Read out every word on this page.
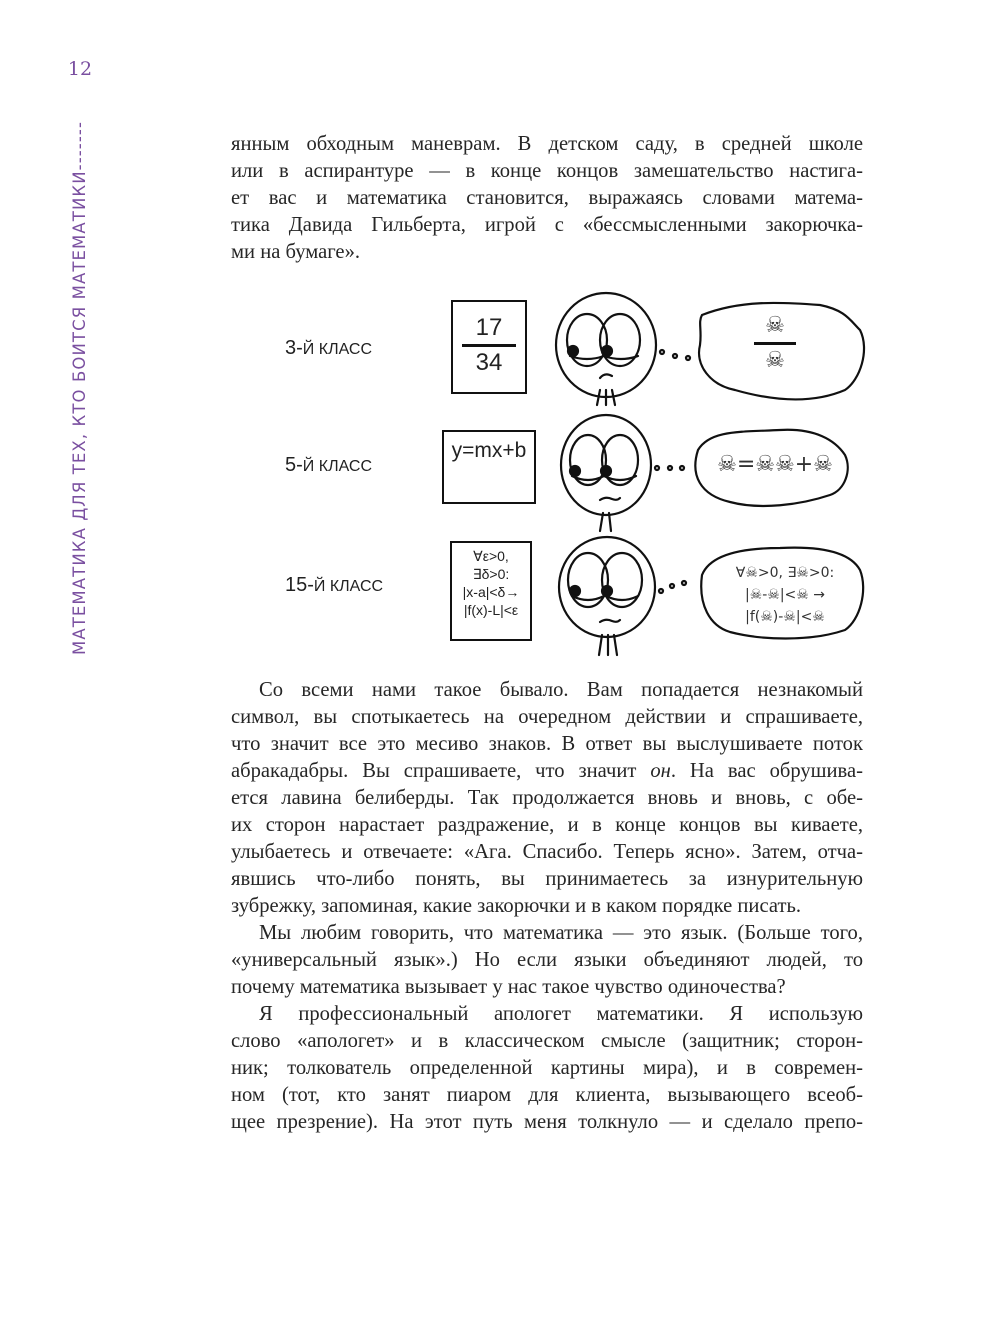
12
МАТЕМАТИКА ДЛЯ ТЕХ, КТО БОИТСЯ МАТЕМАТИКИ-------	янным обходным маневрам. В детском саду, в средней школе
или в аспирантуре — в конце концов замешательство настига-
ет вас и математика становится, выражаясь словами матема-
тика Давида Гильберта, игрой с «бессмысленными закорючка-
ми на бумаге».
3-Й КЛАСС
5-Й КЛАСС
15-Й КЛАСС
17
34
y=mx+b
∀ε>0,
∃δ>0:
|x-a|<δ→
|f(x)-L|<ε
☠
☠
☠=☠☠+☠
∀☠>0, ∃☠>0:
|☠-☠|<☠ →
|f(☠)-☠|<☠
Со всеми нами такое бывало. Вам попадается незнакомый
символ, вы спотыкаетесь на очередном действии и спрашиваете,
что значит все это месиво знаков. В ответ вы выслушиваете поток
абракадабры. Вы спрашиваете, что значит он. На вас обрушива-
ется лавина белиберды. Так продолжается вновь и вновь, с обе-
их сторон нарастает раздражение, и в конце концов вы киваете,
улыбаетесь и отвечаете: «Ага. Спасибо. Теперь ясно». Затем, отча-
явшись что-либо понять, вы принимаетесь за изнурительную
зубрежку, запоминая, какие закорючки и в каком порядке писать.
Мы любим говорить, что математика — это язык. (Больше того,
«универсальный язык».) Но если языки объединяют людей, то
почему математика вызывает у нас такое чувство одиночества?
Я профессиональный апологет математики. Я использую
слово «апологет» и в классическом смысле (защитник; сторон-
ник; толкователь определенной картины мира), и в современ-
ном (тот, кто занят пиаром для клиента, вызывающего всеоб-
щее презрение). На этот путь меня толкнуло — и сделало препо-
